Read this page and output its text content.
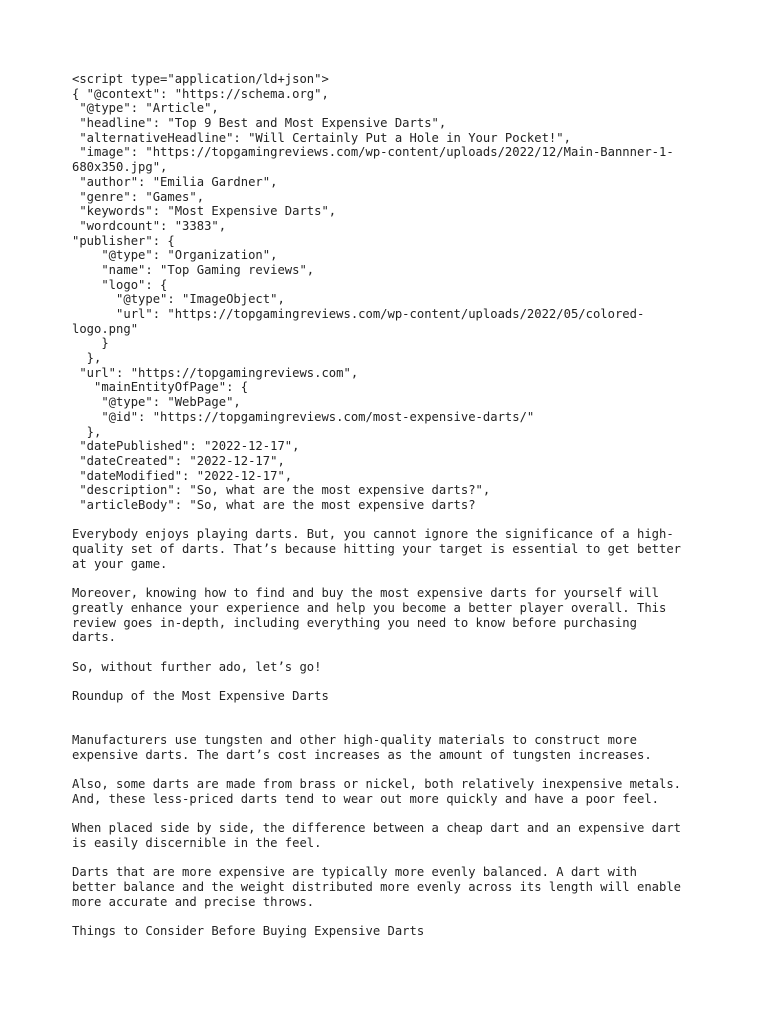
<script type="application/ld+json">
{ "@context": "https://schema.org",
"@type": "Article",
"headline": "Top 9 Best and Most Expensive Darts",
"alternativeHeadline": "Will Certainly Put a Hole in Your Pocket!",
"image": "https://topgamingreviews.com/wp-content/uploads/2022/12/Main-Bannner-1-
680x350.jpg",
"author": "Emilia Gardner",
"genre": "Games",
"keywords": "Most Expensive Darts",
"wordcount": "3383",
"publisher": {
"@type": "Organization",
"name": "Top Gaming reviews",
"logo": {
"@type": "ImageObject",
"url": "https://topgamingreviews.com/wp-content/uploads/2022/05/colored-
logo.png"
}
},
"url": "https://topgamingreviews.com",
"mainEntityOfPage": {
"@type": "WebPage",
"@id": "https://topgamingreviews.com/most-expensive-darts/"
},
"datePublished": "2022-12-17",
"dateCreated": "2022-12-17",
"dateModified": "2022-12-17",
"description": "So, what are the most expensive darts?",
"articleBody": "So, what are the most expensive darts?

Everybody enjoys playing darts. But, you cannot ignore the significance of a high-
quality set of darts. That’s because hitting your target is essential to get better
at your game.

Moreover, knowing how to find and buy the most expensive darts for yourself will
greatly enhance your experience and help you become a better player overall. This
review goes in-depth, including everything you need to know before purchasing
darts.

So, without further ado, let’s go!

Roundup of the Most Expensive Darts

Manufacturers use tungsten and other high-quality materials to construct more
expensive darts. The dart’s cost increases as the amount of tungsten increases.

Also, some darts are made from brass or nickel, both relatively inexpensive metals.
And, these less-priced darts tend to wear out more quickly and have a poor feel.

When placed side by side, the difference between a cheap dart and an expensive dart
is easily discernible in the feel.

Darts that are more expensive are typically more evenly balanced. A dart with
better balance and the weight distributed more evenly across its length will enable
more accurate and precise throws.

Things to Consider Before Buying Expensive Darts
